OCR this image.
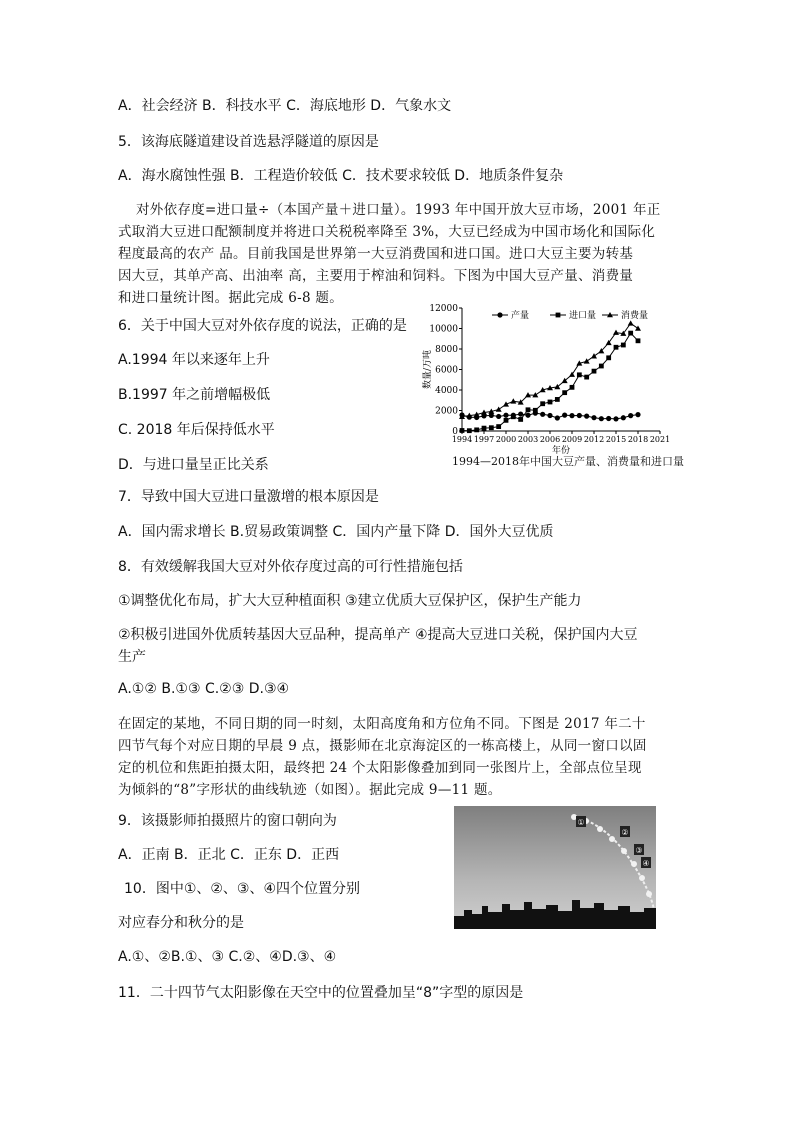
A．社会经济 B．科技水平 C．海底地形 D．气象水文
5．该海底隧道建设首选悬浮隧道的原因是
A．海水腐蚀性强 B．工程造价较低 C．技术要求较低 D．地质条件复杂
对外依存度=进口量÷（本国产量＋进口量）。1993 年中国开放大豆市场，2001 年正
式取消大豆进口配额制度并将进口关税税率降至 3%，大豆已经成为中国市场化和国际化
程度最高的农产 品。目前我国是世界第一大豆消费国和进口国。进口大豆主要为转基
因大豆，其单产高、出油率 高，主要用于榨油和饲料。下图为中国大豆产量、消费量
和进口量统计图。据此完成 6-8 题。
6．关于中国大豆对外依存度的说法，正确的是
A.1994 年以来逐年上升
B.1997 年之前增幅极低
C. 2018 年后保持低水平
D．与进口量呈正比关系
0
2000
4000
6000
8000
10000
12000
1994 1997 2000 2003 2006 2009 2012 2015 2018 2021
数量/万吨
年份
产量	进口量	消费量
1994—2018年中国大豆产量、消费量和进口量
7．导致中国大豆进口量激增的根本原因是
A．国内需求增长 B.贸易政策调整 C．国内产量下降 D．国外大豆优质
8．有效缓解我国大豆对外依存度过高的可行性措施包括
①调整优化布局，扩大大豆种植面积 ③建立优质大豆保护区，保护生产能力
②积极引进国外优质转基因大豆品种，提高单产 ④提高大豆进口关税，保护国内大豆
生产
A.①② B.①③ C.②③ D.③④
在固定的某地，不同日期的同一时刻，太阳高度角和方位角不同。下图是 2017 年二十
四节气每个对应日期的早晨 9 点，摄影师在北京海淀区的一栋高楼上，从同一窗口以固
定的机位和焦距拍摄太阳，最终把 24 个太阳影像叠加到同一张图片上，全部点位呈现
为倾斜的“8”字形状的曲线轨迹（如图）。据此完成 9—11 题。
9．该摄影师拍摄照片的窗口朝向为
A．正南 B．正北 C．正东 D．正西
10．图中①、②、③、④四个位置分别
对应春分和秋分的是
A.①、②B.①、③ C.②、④D.③、④
11．二十四节气太阳影像在天空中的位置叠加呈“8”字型的原因是
①
②
③
④
